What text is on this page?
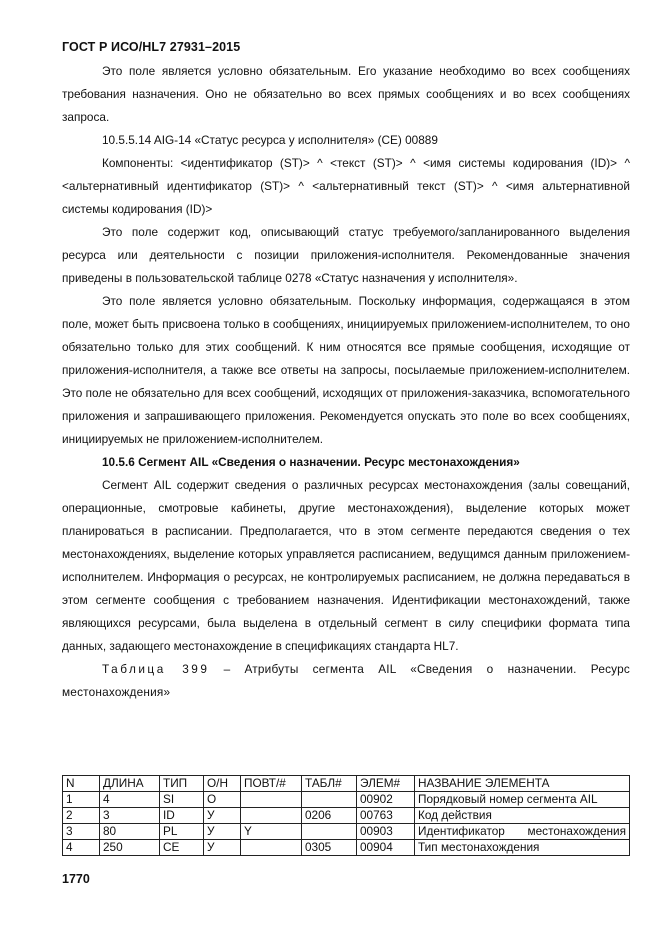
ГОСТ Р ИСО/HL7 27931–2015

Это поле является условно обязательным. Его указание необходимо во всех сообщениях требования назначения. Оно не обязательно во всех прямых сообщениях и во всех сообщениях запроса.

10.5.5.14 AIG-14 «Статус ресурса у исполнителя» (CE) 00889

Компоненты: <идентификатор (ST)> ^ <текст (ST)> ^ <имя системы кодирования (ID)> ^ <альтернативный идентификатор (ST)> ^ <альтернативный текст (ST)> ^ <имя альтернативной системы кодирования (ID)>

Это поле содержит код, описывающий статус требуемого/запланированного выделения ресурса или деятельности с позиции приложения-исполнителя. Рекомендованные значения приведены в пользовательской таблице 0278 «Статус назначения у исполнителя».

Это поле является условно обязательным. Поскольку информация, содержащаяся в этом поле, может быть присвоена только в сообщениях, инициируемых приложением-исполнителем, то оно обязательно только для этих сообщений. К ним относятся все прямые сообщения, исходящие от приложения-исполнителя, а также все ответы на запросы, посылаемые приложением-исполнителем. Это поле не обязательно для всех сообщений, исходящих от приложения-заказчика, вспомогательного приложения и запрашивающего приложения. Рекомендуется опускать это поле во всех сообщениях, инициируемых не приложением-исполнителем.

10.5.6 Сегмент AIL «Сведения о назначении. Ресурс местонахождения»

Сегмент AIL содержит сведения о различных ресурсах местонахождения (залы совещаний, операционные, смотровые кабинеты, другие местонахождения), выделение которых может планироваться в расписании. Предполагается, что в этом сегменте передаются сведения о тех местонахождениях, выделение которых управляется расписанием, ведущимся данным приложением-исполнителем. Информация о ресурсах, не контролируемых расписанием, не должна передаваться в этом сегменте сообщения с требованием назначения. Идентификации местонахождений, также являющихся ресурсами, была выделена в отдельный сегмент в силу специфики формата типа данных, задающего местонахождение в спецификациях стандарта HL7.

Таблица 399 – Атрибуты сегмента AIL «Сведения о назначении. Ресурс местонахождения»

N	ДЛИНА	ТИП	О/Н	ПОВТ/#	ТАБЛ#	ЭЛЕМ#	НАЗВАНИЕ ЭЛЕМЕНТА
1	4	SI	О			00902	Порядковый номер сегмента AIL
2	3	ID	У		0206	00763	Код действия
3	80	PL	У	Y		00903	Идентификатор местонахождения
4	250	CE	У		0305	00904	Тип местонахождения
1770
